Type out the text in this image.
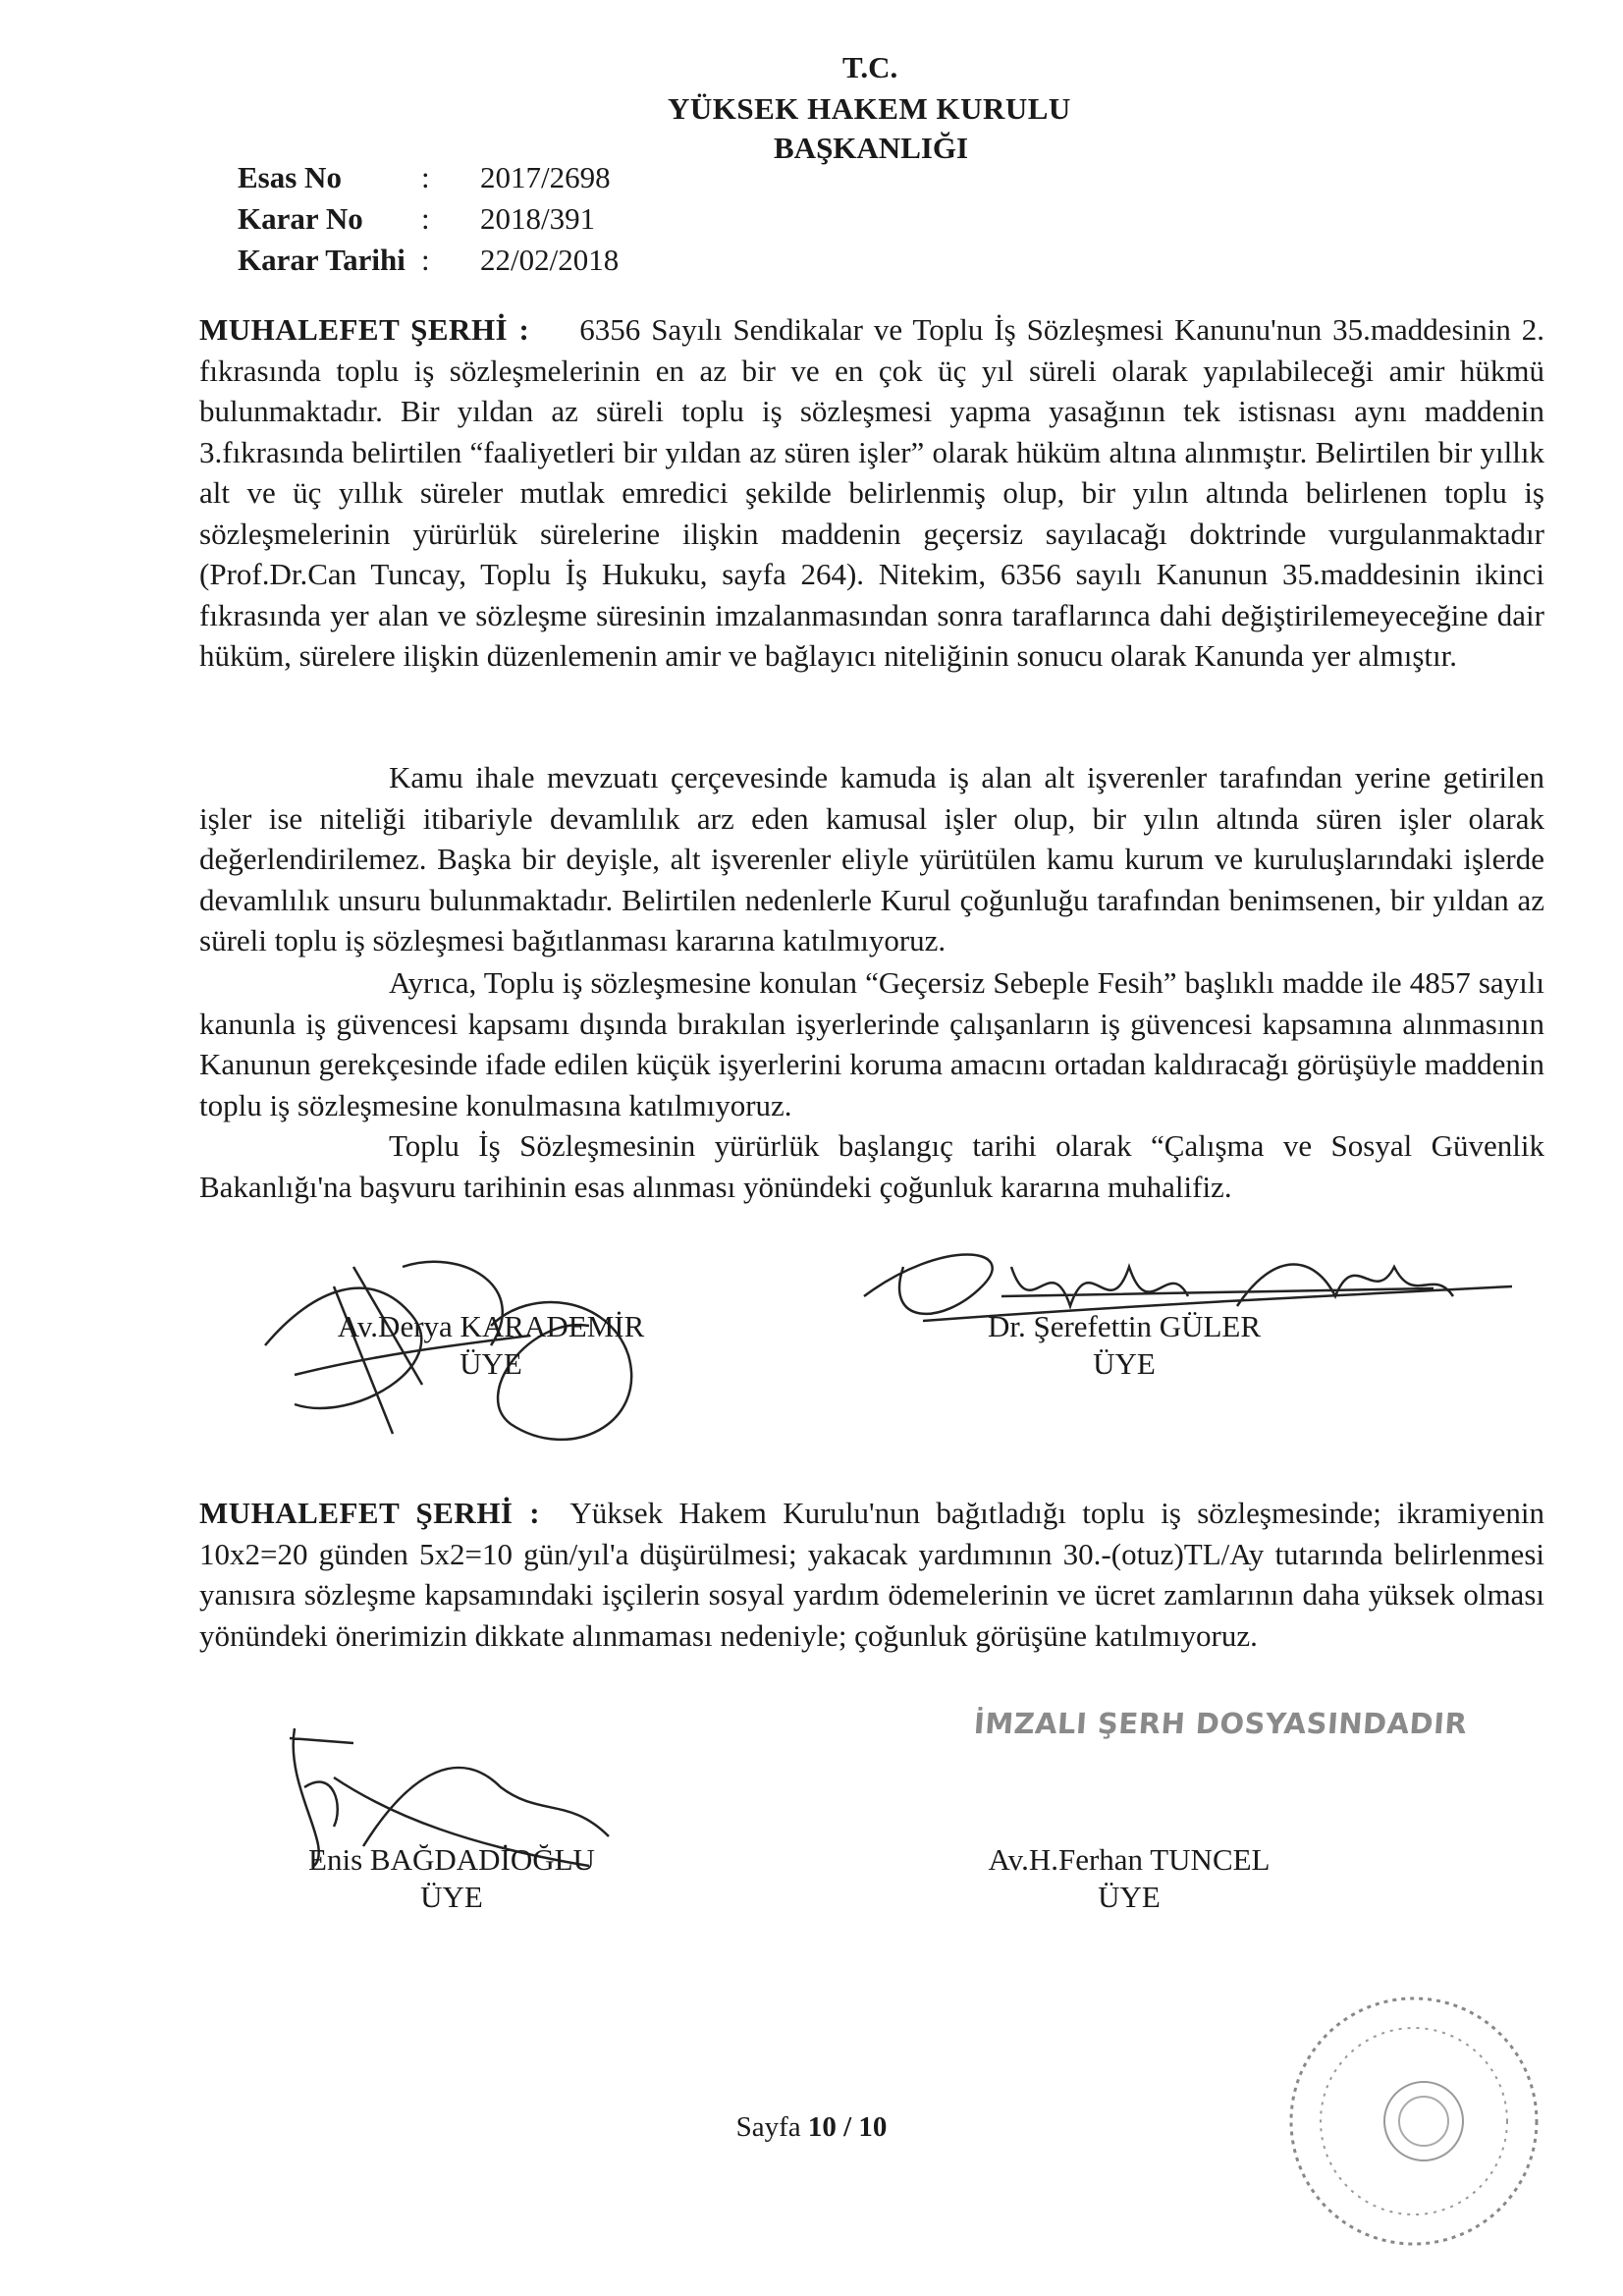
T.C.
YÜKSEK HAKEM KURULU
BAŞKANLIĞI
Esas No	:	2017/2698
Karar No	:	2018/391
Karar Tarihi :	22/02/2018
MUHALEFET ŞERHİ : 6356 Sayılı Sendikalar ve Toplu İş Sözleşmesi Kanunu'nun 35.maddesinin 2. fıkrasında toplu iş sözleşmelerinin en az bir ve en çok üç yıl süreli olarak yapılabileceği amir hükmü bulunmaktadır. Bir yıldan az süreli toplu iş sözleşmesi yapma yasağının tek istisnası aynı maddenin 3.fıkrasında belirtilen “faaliyetleri bir yıldan az süren işler” olarak hüküm altına alınmıştır. Belirtilen bir yıllık alt ve üç yıllık süreler mutlak emredici şekilde belirlenmiş olup, bir yılın altında belirlenen toplu iş sözleşmelerinin yürürlük sürelerine ilişkin maddenin geçersiz sayılacağı doktrinde vurgulanmaktadır (Prof.Dr.Can Tuncay, Toplu İş Hukuku, sayfa 264). Nitekim, 6356 sayılı Kanunun 35.maddesinin ikinci fıkrasında yer alan ve sözleşme süresinin imzalanmasından sonra taraflarınca dahi değiştirilemeyeceğine dair hüküm, sürelere ilişkin düzenlemenin amir ve bağlayıcı niteliğinin sonucu olarak Kanunda yer almıştır.
Kamu ihale mevzuatı çerçevesinde kamuda iş alan alt işverenler tarafından yerine getirilen işler ise niteliği itibariyle devamlılık arz eden kamusal işler olup, bir yılın altında süren işler olarak değerlendirilemez. Başka bir deyişle, alt işverenler eliyle yürütülen kamu kurum ve kuruluşlarındaki işlerde devamlılık unsuru bulunmaktadır. Belirtilen nedenlerle Kurul çoğunluğu tarafından benimsenen, bir yıldan az süreli toplu iş sözleşmesi bağıtlanması kararına katılmıyoruz.
Ayrıca, Toplu iş sözleşmesine konulan “Geçersiz Sebeple Fesih” başlıklı madde ile 4857 sayılı kanunla iş güvencesi kapsamı dışında bırakılan işyerlerinde çalışanların iş güvencesi kapsamına alınmasının Kanunun gerekçesinde ifade edilen küçük işyerlerini koruma amacını ortadan kaldıracağı görüşüyle maddenin toplu iş sözleşmesine konulmasına katılmıyoruz.
Toplu İş Sözleşmesinin yürürlük başlangıç tarihi olarak “Çalışma ve Sosyal Güvenlik Bakanlığı'na başvuru tarihinin esas alınması yönündeki çoğunluk kararına muhalifiz.
Av.Derya KARADEMİR
ÜYE
Dr. Şerefettin GÜLER
ÜYE
MUHALEFET ŞERHİ : Yüksek Hakem Kurulu'nun bağıtladığı toplu iş sözleşmesinde; ikramiyenin 10x2=20 günden 5x2=10 gün/yıl'a düşürülmesi; yakacak yardımının 30.-(otuz)TL/Ay tutarında belirlenmesi yanısıra sözleşme kapsamındaki işçilerin sosyal yardım ödemelerinin ve ücret zamlarının daha yüksek olması yönündeki önerimizin dikkate alınmaması nedeniyle; çoğunluk görüşüne katılmıyoruz.
İMZALI ŞERH DOSYASINDADIR
Enis BAĞDADİOĞLU
ÜYE
Av.H.Ferhan TUNCEL
ÜYE
Sayfa 10 / 10
